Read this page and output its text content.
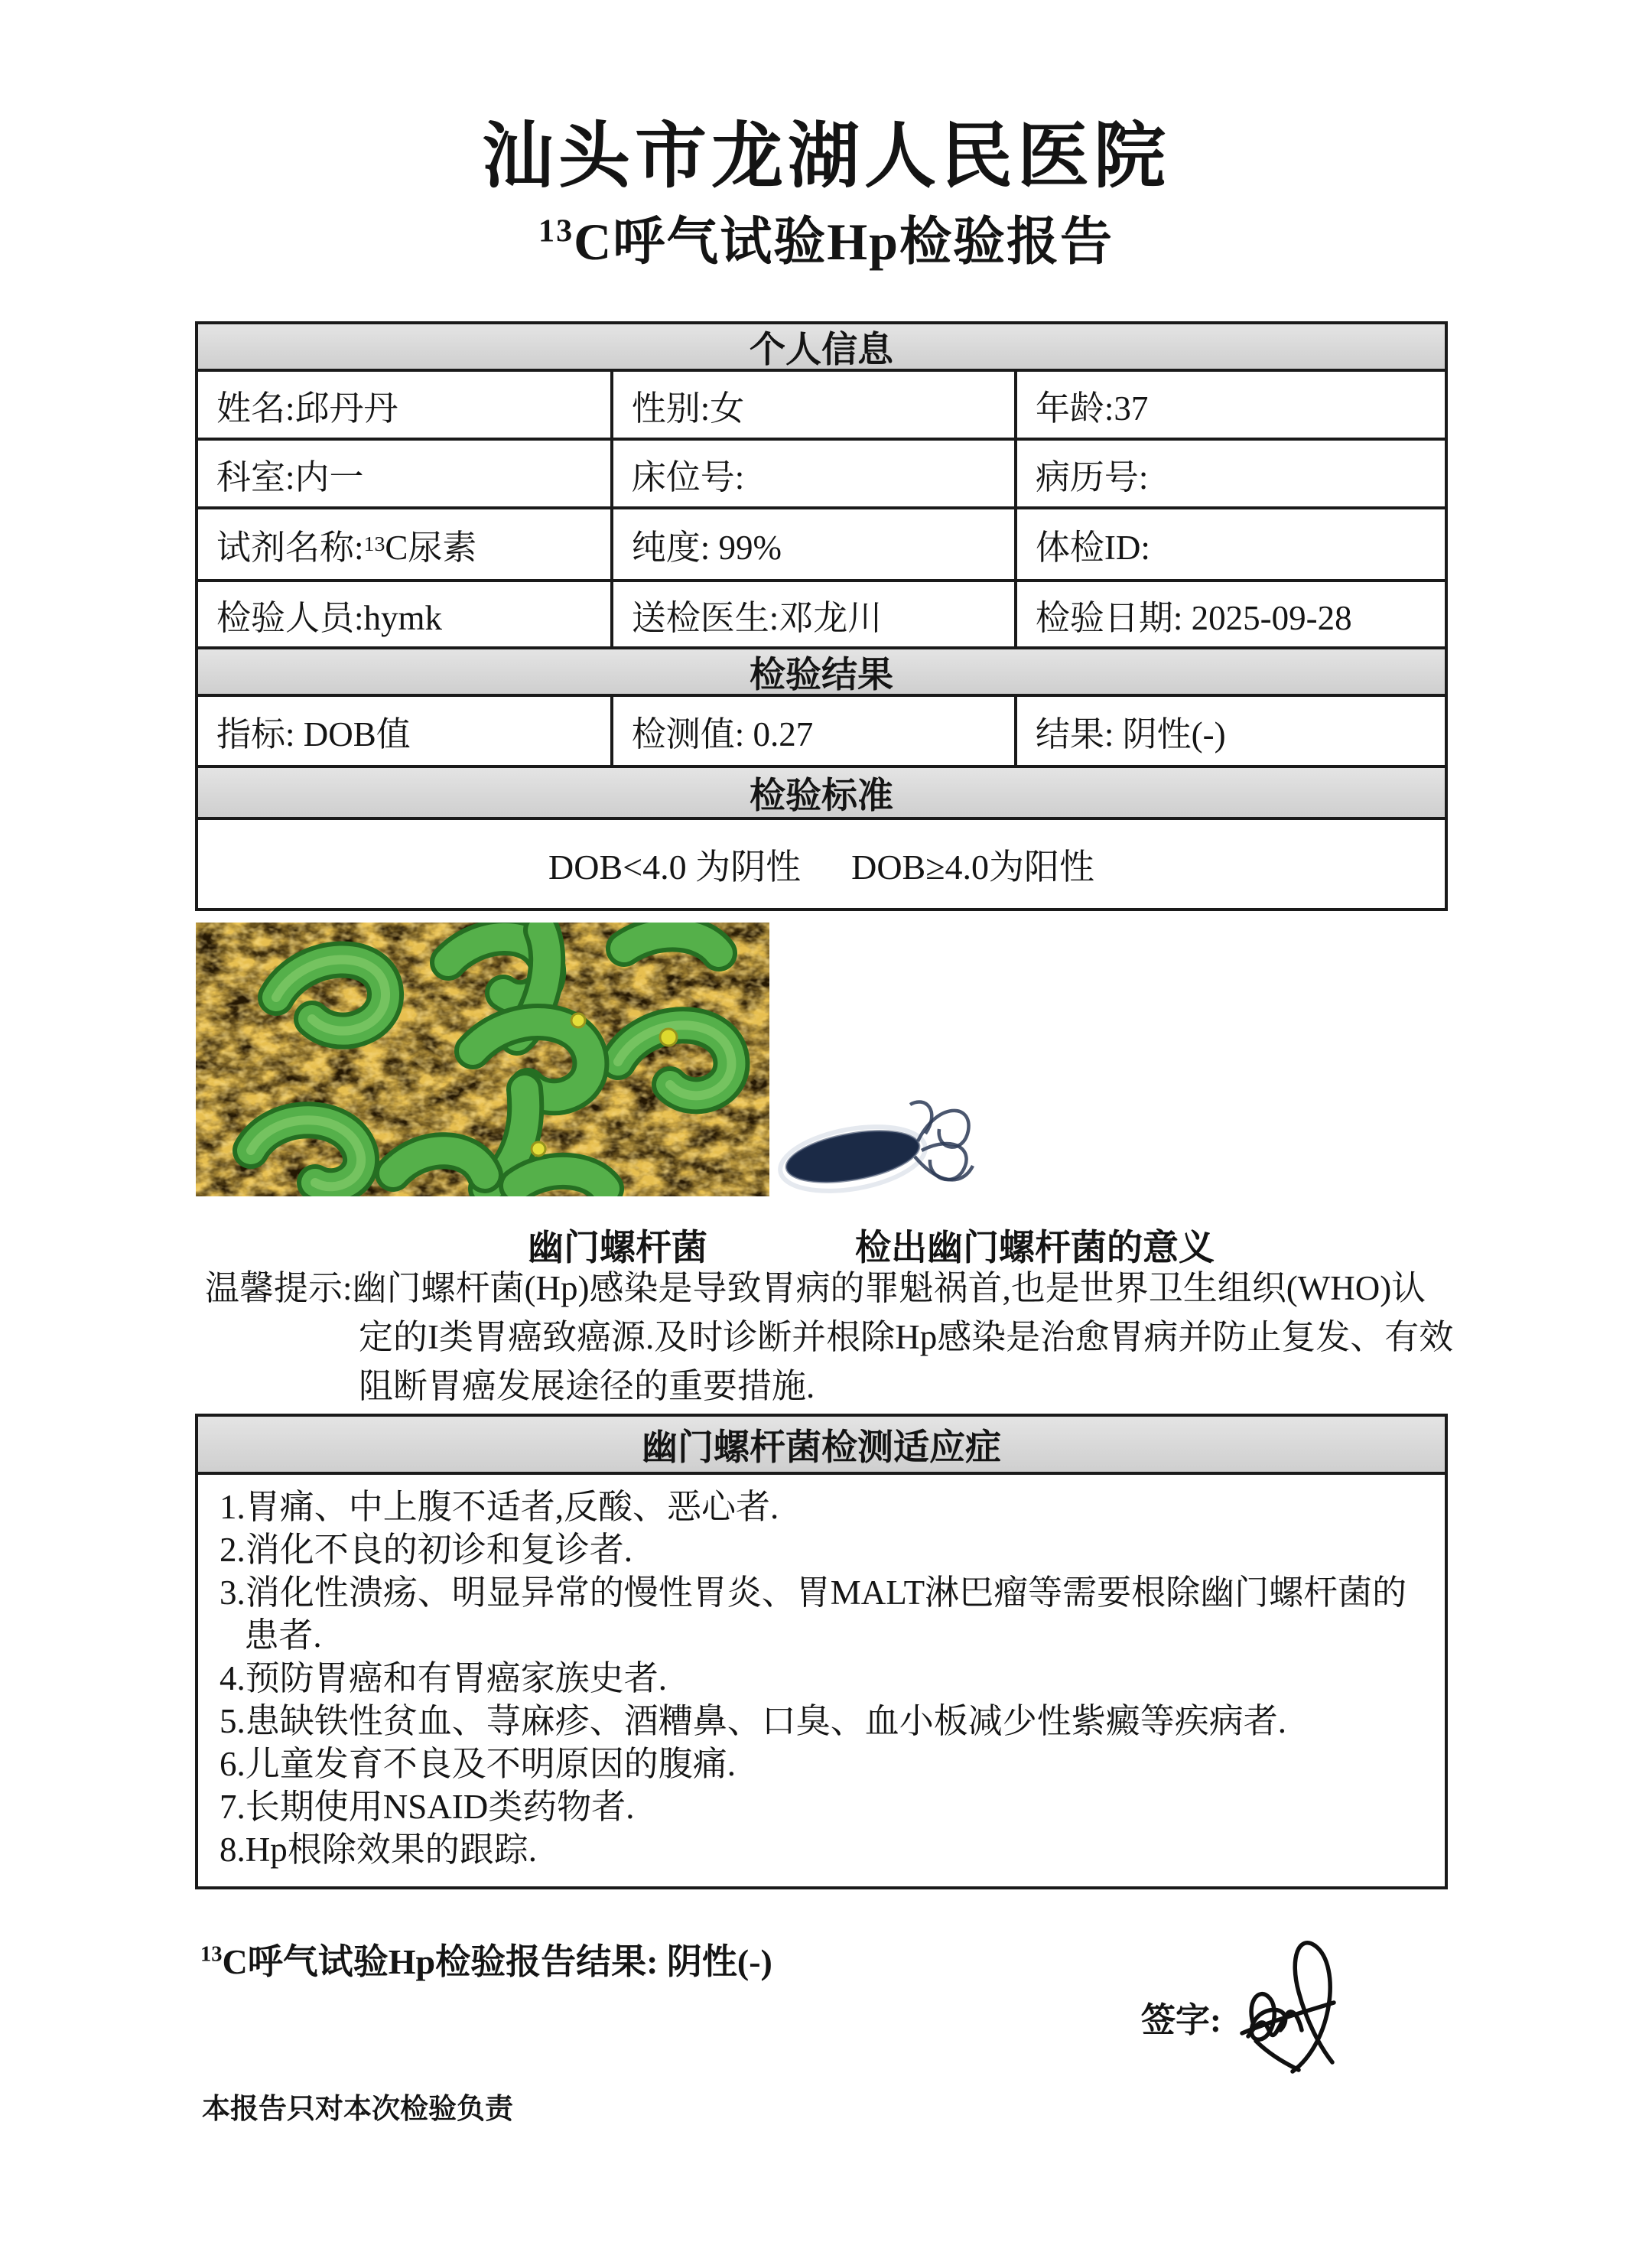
汕头市龙湖人民医院
$^{13}$C呼气试验Hp检验报告
个人信息
姓名:邱丹丹	性别:女	年龄:37
科室:内一	床位号:	病历号:
试剂名称: 13 C尿素	纯度: 99%	体检ID:
检验人员:hymk	送检医生:邓龙川	检验日期: 2025-09-28
检验结果
指标: DOB值	检测值: 0.27	结果: 阴性(-)
检验标准
DOB<4.0 为阴性 DOB≥4.0为阳性
幽门螺杆菌	检出幽门螺杆菌的意义
温馨提示:幽门螺杆菌(Hp)感染是导致胃病的罪魁祸首,也是世界卫生组织(WHO)认定的I类胃癌致癌源.及时诊断并根除Hp感染是治愈胃病并防止复发、有效阻断胃癌发展途径的重要措施.
幽门螺杆菌检测适应症
1.胃痛、中上腹不适者,反酸、恶心者.
2.消化不良的初诊和复诊者.
3.消化性溃疡、明显异常的慢性胃炎、胃MALT淋巴瘤等需要根除幽门螺杆菌的患者.
4.预防胃癌和有胃癌家族史者.
5.患缺铁性贫血、荨麻疹、酒糟鼻、口臭、血小板减少性紫癜等疾病者.
6.儿童发育不良及不明原因的腹痛.
7.长期使用NSAID类药物者.
8.Hp根除效果的跟踪.
$^{13}$C呼气试验Hp检验报告结果: 阴性(-)
签字:
本报告只对本次检验负责
